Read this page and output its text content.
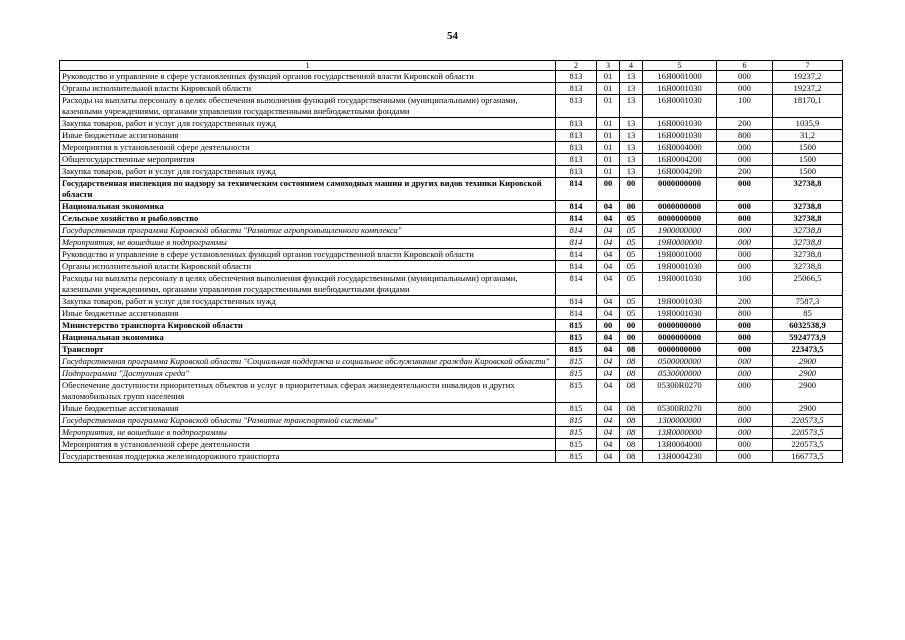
54
1	2	3	4	5	6	7
Руководство и управление в сфере установленных функций органов государственной власти Кировской области	813	01	13	16Я0001000	000	19237,2
Органы исполнительной власти Кировской области	813	01	13	16Я0001030	000	19237,2
Расходы на выплаты персоналу в целях обеспечения выполнения функций государственными (муниципальными) органами, казенными учреждениями, органами управления государственными внебюджетными фондами	813	01	13	16Я0001030	100	18170,1
Закупка товаров, работ и услуг для государственных нужд	813	01	13	16Я0001030	200	1035,9
Иные бюджетные ассигнования	813	01	13	16Я0001030	800	31,2
Мероприятия в установленной сфере деятельности	813	01	13	16Я0004000	000	1500
Общегосударственные мероприятия	813	01	13	16Я0004200	000	1500
Закупка товаров, работ и услуг для государственных нужд	813	01	13	16Я0004200	200	1500
Государственная инспекция по надзору за техническим состоянием самоходных машин и других видов техники Кировской области	814	00	00	0000000000	000	32738,8
Национальная экономика	814	04	00	0000000000	000	32738,8
Сельское хозяйство и рыболовство	814	04	05	0000000000	000	32738,8
Государственная программа Кировской области "Развитие агропромышленного комплекса"	814	04	05	1900000000	000	32738,8
Мероприятия, не вошедшие в подпрограммы	814	04	05	19Я0000000	000	32738,8
Руководство и управление в сфере установленных функций органов государственной власти Кировской области	814	04	05	19Я0001000	000	32738,8
Органы исполнительной власти Кировской области	814	04	05	19Я0001030	000	32738,8
Расходы на выплаты персоналу в целях обеспечения выполнения функций государственными (муниципальными) органами, казенными учреждениями, органами управления государственными внебюджетными фондами	814	04	05	19Я0001030	100	25066,5
Закупка товаров, работ и услуг для государственных нужд	814	04	05	19Я0001030	200	7587,3
Иные бюджетные ассигнования	814	04	05	19Я0001030	800	85
Министерство транспорта Кировской области	815	00	00	0000000000	000	6032538,9
Национальная экономика	815	04	00	0000000000	000	5924773,9
Транспорт	815	04	08	0000000000	000	223473,5
Государственная программа Кировской области "Социальная поддержка и социальное обслуживание граждан Кировской области"	815	04	08	0500000000	000	2900
Подпрограмма "Доступная среда"	815	04	08	0530000000	000	2900
Обеспечение доступности приоритетных объектов и услуг в приоритетных сферах жизнедеятельности инвалидов и других маломобильных групп населения	815	04	08	05300R0270	000	2900
Иные бюджетные ассигнования	815	04	08	05300R0270	800	2900
Государственная программа Кировской области "Развитие транспортной системы"	815	04	08	1300000000	000	220573,5
Мероприятия, не вошедшие в подпрограммы	815	04	08	13Я0000000	000	220573,5
Мероприятия в установленной сфере деятельности	815	04	08	13Я0004000	000	220573,5
Государственная поддержка железнодорожного транспорта	815	04	08	13Я0004230	000	166773,5
